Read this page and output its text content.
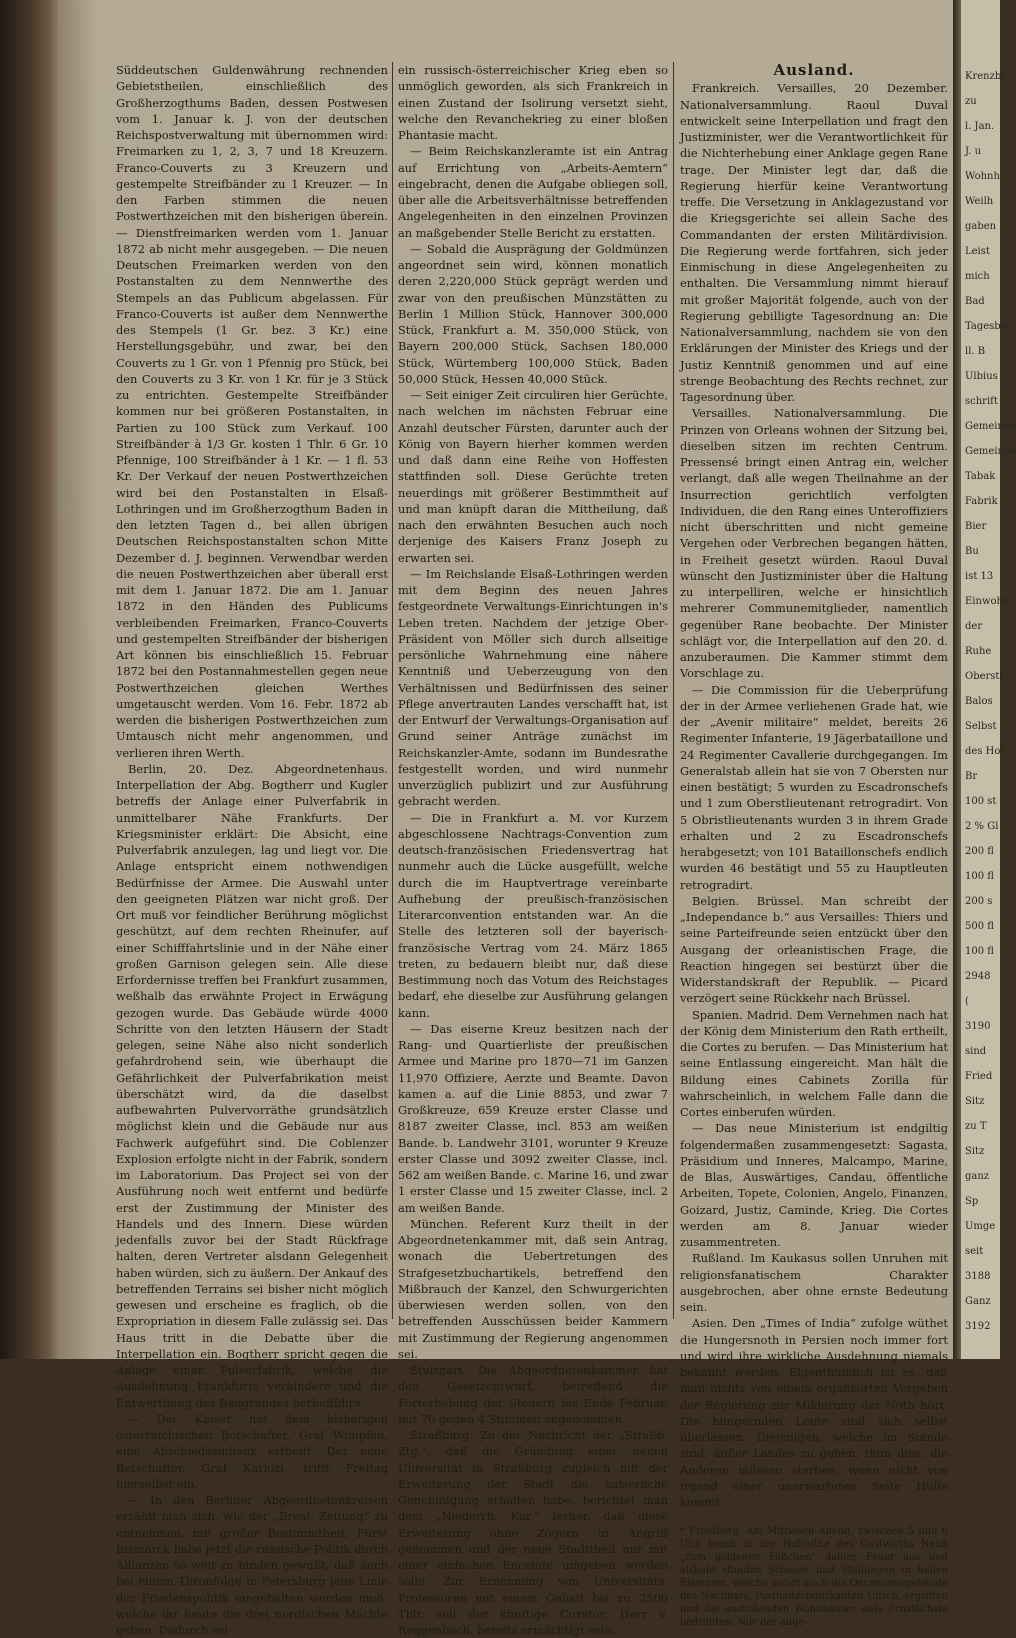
Süddeutschen Guldenwährung rechnenden Gebietstheilen, einschließlich des Großherzogthums Baden, dessen Postwesen vom 1. Januar k. J. von der deutschen Reichspostverwaltung mit übernommen wird: Freimarken zu 1, 2, 3, 7 und 18 Kreuzern. Franco-Couverts zu 3 Kreuzern und gestempelte Streifbänder zu 1 Kreuzer. — In den Farben stimmen die neuen Postwerthzeichen mit den bisherigen überein. — Dienstfreimarken werden vom 1. Januar 1872 ab nicht mehr ausgegeben. — Die neuen Deutschen Freimarken werden von den Postanstalten zu dem Nennwerthe des Stempels an das Publicum abgelassen. Für Franco-Couverts ist außer dem Nennwerthe des Stempels (1 Gr. bez. 3 Kr.) eine Herstellungsgebühr, und zwar, bei den Couverts zu 1 Gr. von 1 Pfennig pro Stück, bei den Couverts zu 3 Kr. von 1 Kr. für je 3 Stück zu entrichten. Gestempelte Streifbänder kommen nur bei größeren Postanstalten, in Partien zu 100 Stück zum Verkauf. 100 Streifbänder à 1/3 Gr. kosten 1 Thlr. 6 Gr. 10 Pfennige, 100 Streifbänder à 1 Kr. — 1 fl. 53 Kr. Der Verkauf der neuen Postwerthzeichen wird bei den Postanstalten in Elsaß-Lothringen und im Großherzogthum Baden in den letzten Tagen d., bei allen übrigen Deutschen Reichspostanstalten schon Mitte Dezember d. J. beginnen. Verwendbar werden die neuen Postwerthzeichen aber überall erst mit dem 1. Januar 1872. Die am 1. Januar 1872 in den Händen des Publicums verbleibenden Freimarken, Franco-Couverts und gestempelten Streifbänder der bisherigen Art können bis einschließlich 15. Februar 1872 bei den Postannahmestellen gegen neue Postwerthzeichen gleichen Werthes umgetauscht werden. Vom 16. Febr. 1872 ab werden die bisherigen Postwerthzeichen zum Umtausch nicht mehr angenommen, und verlieren ihren Werth.

Berlin, 20. Dez. Abgeordnetenhaus. Interpellation der Abg. Bogtherr und Kugler betreffs der Anlage einer Pulverfabrik in unmittelbarer Nähe Frankfurts. Der Kriegsminister erklärt: Die Absicht, eine Pulverfabrik anzulegen, lag und liegt vor. Die Anlage entspricht einem nothwendigen Bedürfnisse der Armee. Die Auswahl unter den geeigneten Plätzen war nicht groß. Der Ort muß vor feindlicher Berührung möglichst geschützt, auf dem rechten Rheinufer, auf einer Schifffahrtslinie und in der Nähe einer großen Garnison gelegen sein. Alle diese Erfordernisse treffen bei Frankfurt zusammen, weßhalb das erwähnte Project in Erwägung gezogen wurde. Das Gebäude würde 4000 Schritte von den letzten Häusern der Stadt gelegen, seine Nähe also nicht sonderlich gefahrdrohend sein, wie überhaupt die Gefährlichkeit der Pulverfabrikation meist überschätzt wird, da die daselbst aufbewahrten Pulvervorräthe grundsätzlich möglichst klein und die Gebäude nur aus Fachwerk aufgeführt sind. Die Coblenzer Explosion erfolgte nicht in der Fabrik, sondern im Laboratorium. Das Project sei von der Ausführung noch weit entfernt und bedürfe erst der Zustimmung der Minister des Handels und des Innern. Diese würden jedenfalls zuvor bei der Stadt Rückfrage halten, deren Vertreter alsdann Gelegenheit haben würden, sich zu äußern. Der Ankauf des betreffenden Terrains sei bisher nicht möglich gewesen und erscheine es fraglich, ob die Expropriation in diesem Falle zulässig sei. Das Haus tritt in die Debatte über die Interpellation ein. Bogtherr spricht gegen die Anlage einer Pulverfabrik, welche die Ausdehnung Frankfurts verhindere und die Entwerthung des Baugrundes herbeiführe.

— Der Kaiser hat dem bisherigen österreichischen Botschafter, Graf Wimpfen, eine Abschiedsaudienz ertheilt. Der neue Botschafter, Graf Karlozi, trifft Freitag hierselbst ein.

— In den Berliner Abgeordnetenkreisen erzählt man sich, wie der „Breal. Zeitung“ zu entnehmen, mit großer Bestimmtheit, Fürst Bismarck habe jetzt die russische Politik durch Allianzen so weit zu binden gewußt, daß auch bei einem Thronfolge in Petersburg jene Linie der Friedenspolitik eingehalten werden muß, welche ihr heute die drei nordischen Mächte geben. Dadurch sei

ein russisch-österreichischer Krieg eben so unmöglich geworden, als sich Frankreich in einen Zustand der Isolirung versetzt sieht, welche den Revanchekrieg zu einer bloßen Phantasie macht.

— Beim Reichskanzleramte ist ein Antrag auf Errichtung von „Arbeits-Aemtern“ eingebracht, denen die Aufgabe obliegen soll, über alle die Arbeitsverhältnisse betreffenden Angelegenheiten in den einzelnen Provinzen an maßgebender Stelle Bericht zu erstatten.

— Sobald die Ausprägung der Goldmünzen angeordnet sein wird, können monatlich deren 2,220,000 Stück geprägt werden und zwar von den preußischen Münzstätten zu Berlin 1 Million Stück, Hannover 300,000 Stück, Frankfurt a. M. 350,000 Stück, von Bayern 200,000 Stück, Sachsen 180,000 Stück, Würtemberg 100,000 Stück, Baden 50,000 Stück, Hessen 40,000 Stück.

— Seit einiger Zeit circuliren hier Gerüchte, nach welchen im nächsten Februar eine Anzahl deutscher Fürsten, darunter auch der König von Bayern hierher kommen werden und daß dann eine Reihe von Hoffesten stattfinden soll. Diese Gerüchte treten neuerdings mit größerer Bestimmtheit auf und man knüpft daran die Mittheilung, daß nach den erwähnten Besuchen auch noch derjenige des Kaisers Franz Joseph zu erwarten sei.

— Im Reichslande Elsaß-Lothringen werden mit dem Beginn des neuen Jahres festgeordnete Verwaltungs-Einrichtungen in's Leben treten. Nachdem der jetzige Ober-Präsident von Möller sich durch allseitige persönliche Wahrnehmung eine nähere Kenntniß und Ueberzeugung von den Verhältnissen und Bedürfnissen des seiner Pflege anvertrauten Landes verschafft hat, ist der Entwurf der Verwaltungs-Organisation auf Grund seiner Anträge zunächst im Reichskanzler-Amte, sodann im Bundesrathe festgestellt worden, und wird nunmehr unverzüglich publizirt und zur Ausführung gebracht werden.

— Die in Frankfurt a. M. vor Kurzem abgeschlossene Nachtrags-Convention zum deutsch-französischen Friedensvertrag hat nunmehr auch die Lücke ausgefüllt, welche durch die im Hauptvertrage vereinbarte Aufhebung der preußisch-französischen Literarconvention entstanden war. An die Stelle des letzteren soll der bayerisch-französische Vertrag vom 24. März 1865 treten, zu bedauern bleibt nur, daß diese Bestimmung noch das Votum des Reichstages bedarf, ehe dieselbe zur Ausführung gelangen kann.

— Das eiserne Kreuz besitzen nach der Rang- und Quartierliste der preußischen Armee und Marine pro 1870—71 im Ganzen 11,970 Offiziere, Aerzte und Beamte. Davon kamen a. auf die Linie 8853, und zwar 7 Großkreuze, 659 Kreuze erster Classe und 8187 zweiter Classe, incl. 853 am weißen Bande. b. Landwehr 3101, worunter 9 Kreuze erster Classe und 3092 zweiter Classe, incl. 562 am weißen Bande. c. Marine 16, und zwar 1 erster Classe und 15 zweiter Classe, incl. 2 am weißen Bande.

München. Referent Kurz theilt in der Abgeordnetenkammer mit, daß sein Antrag, wonach die Uebertretungen des Strafgesetzbuchartikels, betreffend den Mißbrauch der Kanzel, den Schwurgerichten überwiesen werden sollen, von den betreffenden Ausschüssen beider Kammern mit Zustimmung der Regierung angenommen sei.

Stuttgart. Die Abgeordnetenkammer hat den Gesetzentwurf, betreffend die Forterhebung der Steuern bis Ende Februar, mit 70 gegen 4 Stimmen angenommen.

Straßburg. Zu der Nachricht der „Straßb. Ztg.“, daß die Gründung einer neuen Universität in Straßburg zugleich mit der Erweiterung der Stadt die kaiserliche Genehmigung erhalten habe, berichtet man dem „Niederrh. Kur.“ ferner, daß diese Erweiterung ohne Zögern in Angriff genommen und der neue Stadttheil nur mit einer einfachen Enceinte umgeben werden solle. Zur Ernennung von Universitäts-Professoren mit einem Gehalt bis zu 2500 Thlr. soll der künftige Curator, Herr v. Roggenbach, bereits ermächtigt sein.

Ausland.

Frankreich. Versailles, 20 Dezember. Nationalversammlung. Raoul Duval entwickelt seine Interpellation und fragt den Justizminister, wer die Verantwortlichkeit für die Nichterhebung einer Anklage gegen Rane trage. Der Minister legt dar, daß die Regierung hierfür keine Verantwortung treffe. Die Versetzung in Anklagezustand vor die Kriegsgerichte sei allein Sache des Commandanten der ersten Militärdivision. Die Regierung werde fortfahren, sich jeder Einmischung in diese Angelegenheiten zu enthalten. Die Versammlung nimmt hierauf mit großer Majorität folgende, auch von der Regierung gebilligte Tagesordnung an: Die Nationalversammlung, nachdem sie von den Erklärungen der Minister des Kriegs und der Justiz Kenntniß genommen und auf eine strenge Beobachtung des Rechts rechnet, zur Tagesordnung über.

Versailles. Nationalversammlung. Die Prinzen von Orleans wohnen der Sitzung bei, dieselben sitzen im rechten Centrum. Pressensé bringt einen Antrag ein, welcher verlangt, daß alle wegen Theilnahme an der Insurrection gerichtlich verfolgten Individuen, die den Rang eines Unteroffiziers nicht überschritten und nicht gemeine Vergehen oder Verbrechen begangen hätten, in Freiheit gesetzt würden. Raoul Duval wünscht den Justizminister über die Haltung zu interpelliren, welche er hinsichtlich mehrerer Communemitglieder, namentlich gegenüber Rane beobachte. Der Minister schlägt vor, die Interpellation auf den 20. d. anzuberaumen. Die Kammer stimmt dem Vorschlage zu.

— Die Commission für die Ueberprüfung der in der Armee verliehenen Grade hat, wie der „Avenir militaire“ meldet, bereits 26 Regimenter Infanterie, 19 Jägerbataillone und 24 Regimenter Cavallerie durchgegangen. Im Generalstab allein hat sie von 7 Obersten nur einen bestätigt; 5 wurden zu Escadronschefs und 1 zum Oberstlieutenant retrogradirt. Von 5 Obristlieutenants wurden 3 in ihrem Grade erhalten und 2 zu Escadronschefs herabgesetzt; von 101 Bataillonschefs endlich wurden 46 bestätigt und 55 zu Hauptleuten retrogradirt.

Belgien. Brüssel. Man schreibt der „Independance b.“ aus Versailles: Thiers und seine Parteifreunde seien entzückt über den Ausgang der orleanistischen Frage, die Reaction hingegen sei bestürzt über die Widerstandskraft der Republik. — Picard verzögert seine Rückkehr nach Brüssel.

Spanien. Madrid. Dem Vernehmen nach hat der König dem Ministerium den Rath ertheilt, die Cortes zu berufen. — Das Ministerium hat seine Entlassung eingereicht. Man hält die Bildung eines Cabinets Zorilla für wahrscheinlich, in welchem Falle dann die Cortes einberufen würden.

— Das neue Ministerium ist endgiltig folgendermaßen zusammengesetzt: Sagasta, Präsidium und Inneres, Malcampo, Marine, de Blas, Auswärtiges, Candau, öffentliche Arbeiten, Topete, Colonien, Angelo, Finanzen, Goizard, Justiz, Caminde, Krieg. Die Cortes werden am 8. Januar wieder zusammentreten.

Rußland. Im Kaukasus sollen Unruhen mit religionsfanatischem Charakter ausgebrochen, aber ohne ernste Bedeutung sein.

Asien. Den „Times of India“ zufolge wüthet die Hungersnoth in Persien noch immer fort und wird ihre wirkliche Ausdehnung niemals bekannt werden. Eigenthümlich ist es, daß man nichts von einem organisirten Vorgehen der Regierung zur Milderung der Noth hört. Die hungernden Leute sind sich selbst überlassen. Diejenigen, welche im Stande sind, außer Landes zu gehen, thun dies; die Anderen müssen sterben, wenn nicht von irgend einer unerwarteten Seite Hülfe kommt.

* Friedberg. Am Mittwoch Abend, zwischen 5 und 6 Uhr, brach in der Hofraithe des Gastwirths Neuß „zum goldenen Fäßchen“ dahier Feuer aus und alsbald standen Scheuer und Stallungen in hellen Flammen, welche sofort auch die Oeconomiegebäude des Nachbars, Posthalterfabrikanten Ulrich, ergriffen und die anstoßenden Wohnhäuser aufs Ernstlichste bedrohten. Nur der ange-
Krenzbr
zu
l. Jan.
J. u
Wohnh
Weilh
gaben
Leist
mich
Bad
Tagesbro
ll. B
Ulbius
schrift
Gemeinde
Gemeinde
Tabak
Fabrik
Bier
Bu
ist 13
Einwohn
der
Ruhe
Obersti
Balos
Selbst
des Hof
Br
100 st
2 % Gl
200 fl
100 fl
200 s
500 fl
100 fl
2948
(
3190
sind
Fried
Sitz
zu T
Sitz
ganz
Sp
Umge
seit
3188
Ganz
3192
